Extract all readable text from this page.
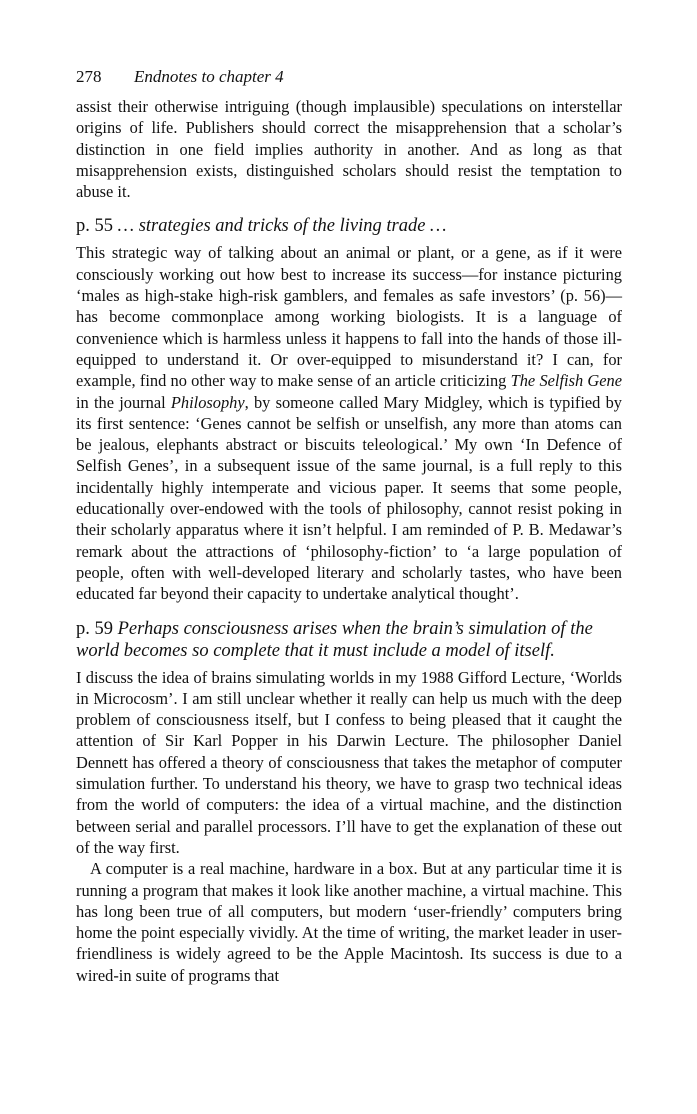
278 Endnotes to chapter 4

assist their otherwise intriguing (though implausible) speculations on interstellar origins of life. Publishers should correct the misapprehension that a scholar’s distinction in one field implies authority in another. And as long as that misapprehension exists, distinguished scholars should resist the temptation to abuse it.

p. 55 … strategies and tricks of the living trade …

This strategic way of talking about an animal or plant, or a gene, as if it were consciously working out how best to increase its success—for instance picturing ‘males as high-stake high-risk gamblers, and females as safe investors’ (p. 56)—has become commonplace among working biologists. It is a language of convenience which is harmless unless it happens to fall into the hands of those ill-equipped to understand it. Or over-equipped to misunderstand it? I can, for example, find no other way to make sense of an article criticizing The Selfish Gene in the journal Philosophy, by someone called Mary Midgley, which is typified by its first sentence: ‘Genes cannot be selfish or unselfish, any more than atoms can be jealous, elephants abstract or biscuits teleological.’ My own ‘In Defence of Selfish Genes’, in a subsequent issue of the same journal, is a full reply to this incidentally highly intemperate and vicious paper. It seems that some people, educationally over-endowed with the tools of philosophy, cannot resist poking in their scholarly apparatus where it isn’t helpful. I am reminded of P. B. Medawar’s remark about the attractions of ‘philosophy-fiction’ to ‘a large population of people, often with well-developed literary and scholarly tastes, who have been educated far beyond their capacity to undertake analytical thought’.

p. 59 Perhaps consciousness arises when the brain’s simulation of the world becomes so complete that it must include a model of itself.

I discuss the idea of brains simulating worlds in my 1988 Gifford Lecture, ‘Worlds in Microcosm’. I am still unclear whether it really can help us much with the deep problem of consciousness itself, but I confess to being pleased that it caught the attention of Sir Karl Popper in his Darwin Lecture. The philosopher Daniel Dennett has offered a theory of consciousness that takes the metaphor of computer simulation further. To understand his theory, we have to grasp two technical ideas from the world of computers: the idea of a virtual machine, and the distinction between serial and parallel processors. I’ll have to get the explanation of these out of the way first.

A computer is a real machine, hardware in a box. But at any particular time it is running a program that makes it look like another machine, a virtual machine. This has long been true of all computers, but modern ‘user-friendly’ computers bring home the point especially vividly. At the time of writing, the market leader in user-friendliness is widely agreed to be the Apple Macintosh. Its success is due to a wired-in suite of programs that
